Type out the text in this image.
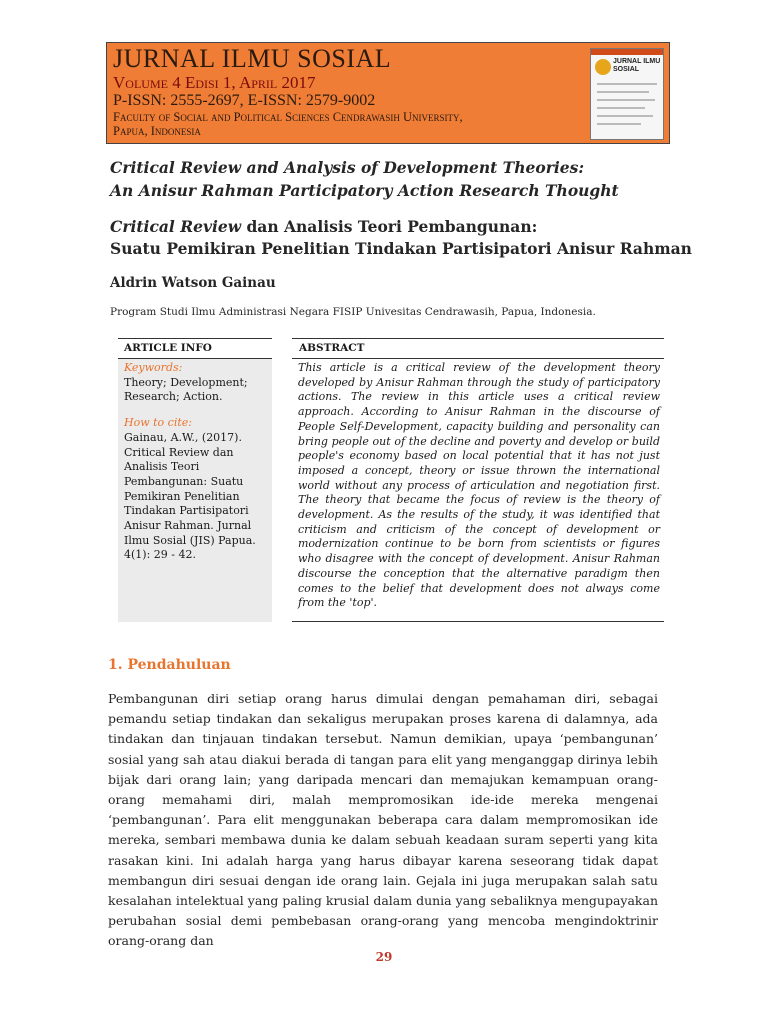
JURNAL ILMU SOSIAL
Volume 4 Edisi 1, April 2017
P-ISSN: 2555-2697, E-ISSN: 2579-9002
Faculty of Social and Political Sciences Cendrawasih University,
Papua, Indonesia
JURNAL ILMU SOSIAL
Critical Review and Analysis of Development Theories:
An Anisur Rahman Participatory Action Research Thought
Critical Review dan Analisis Teori Pembangunan:
Suatu Pemikiran Penelitian Tindakan Partisipatori Anisur Rahman
Aldrin Watson Gainau
Program Studi Ilmu Administrasi Negara FISIP Univesitas Cendrawasih, Papua, Indonesia.
ARTICLE INFO
Keywords:
Theory; Development; Research; Action.
How to cite:
Gainau, A.W., (2017). Critical Review dan Analisis Teori Pembangunan: Suatu Pemikiran Penelitian Tindakan Partisipatori Anisur Rahman. Jurnal Ilmu Sosial (JIS) Papua. 4(1): 29 - 42.
ABSTRACT
This article is a critical review of the development theory developed by Anisur Rahman through the study of participatory actions. The review in this article uses a critical review approach. According to Anisur Rahman in the discourse of People Self-Development, capacity building and personality can bring people out of the decline and poverty and develop or build people's economy based on local potential that it has not just imposed a concept, theory or issue thrown the international world without any process of articulation and negotiation first. The theory that became the focus of review is the theory of development. As the results of the study, it was identified that criticism and criticism of the concept of development or modernization continue to be born from scientists or figures who disagree with the concept of development. Anisur Rahman discourse the conception that the alternative paradigm then comes to the belief that development does not always come from the 'top'.
1. Pendahuluan
Pembangunan diri setiap orang harus dimulai dengan pemahaman diri, sebagai pemandu setiap tindakan dan sekaligus merupakan proses karena di dalamnya, ada tindakan dan tinjauan tindakan tersebut. Namun demikian, upaya ‘pembangunan’ sosial yang sah atau diakui berada di tangan para elit yang menganggap dirinya lebih bijak dari orang lain; yang daripada mencari dan memajukan kemampuan orang-orang memahami diri, malah mempromosikan ide-ide mereka mengenai ‘pembangunan’. Para elit menggunakan beberapa cara dalam mempromosikan ide mereka, sembari membawa dunia ke dalam sebuah keadaan suram seperti yang kita rasakan kini. Ini adalah harga yang harus dibayar karena seseorang tidak dapat membangun diri sesuai dengan ide orang lain. Gejala ini juga merupakan salah satu kesalahan intelektual yang paling krusial dalam dunia yang sebaliknya mengupayakan perubahan sosial demi pembebasan orang-orang yang mencoba mengindoktrinir orang-orang dan
29
